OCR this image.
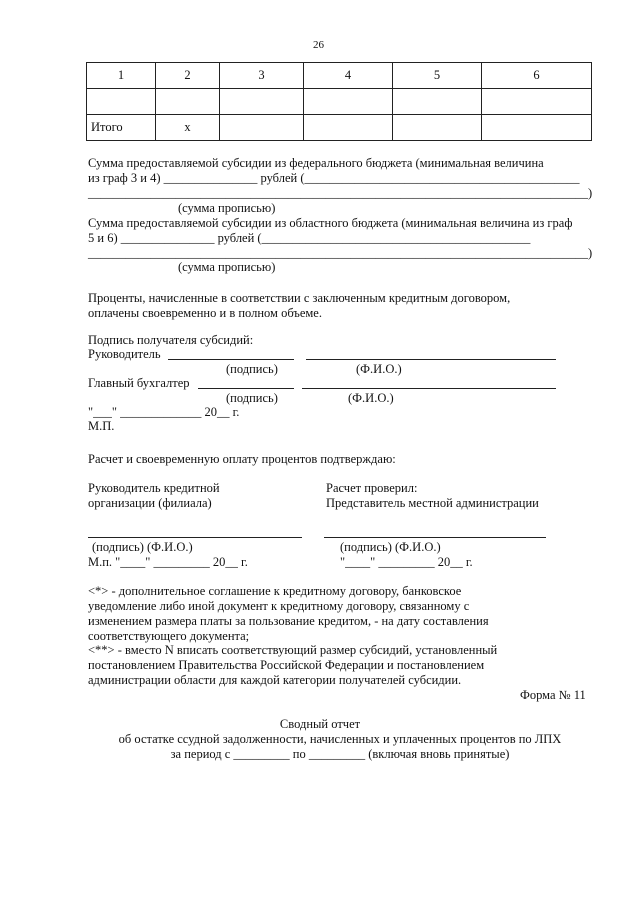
26
1	2	3	4	5	6

Итого	x				
Сумма предоставляемой субсидии из федерального бюджета (минимальная величина
из граф 3 и 4) _______________ рублей (____________________________________________
________________________________________________________________________________)
(сумма прописью)
Сумма предоставляемой субсидии из областного бюджета (минимальная величина из граф
5 и 6) _______________ рублей (___________________________________________
________________________________________________________________________________)
(сумма прописью)
Проценты, начисленные в соответствии с заключенным кредитным договором,
оплачены своевременно и в полном объеме.
Подпись получателя субсидий:
Руководитель
(подпись)	(Ф.И.О.)
Главный бухгалтер
(подпись)	(Ф.И.О.)
"___" _____________ 20__ г.
М.П.
Расчет и своевременную оплату процентов подтверждаю:
Руководитель кредитной
организации (филиала)
Расчет проверил:
Представитель местной администрации
(подпись) (Ф.И.О.)	(подпись) (Ф.И.О.)
М.п. "____" _________ 20__ г.	"____" _________ 20__ г.
<*> - дополнительное соглашение к кредитному договору, банковское
уведомление либо иной документ к кредитному договору, связанному с
изменением размера платы за пользование кредитом, - на дату составления
соответствующего документа;
<**> - вместо N вписать соответствующий размер субсидий, установленный
постановлением Правительства Российской Федерации и постановлением
администрации области для каждой категории получателей субсидии.
Форма № 11
Сводный отчет
об остатке ссудной задолженности, начисленных и уплаченных процентов по ЛПХ
за период с _________ по _________ (включая вновь принятые)
